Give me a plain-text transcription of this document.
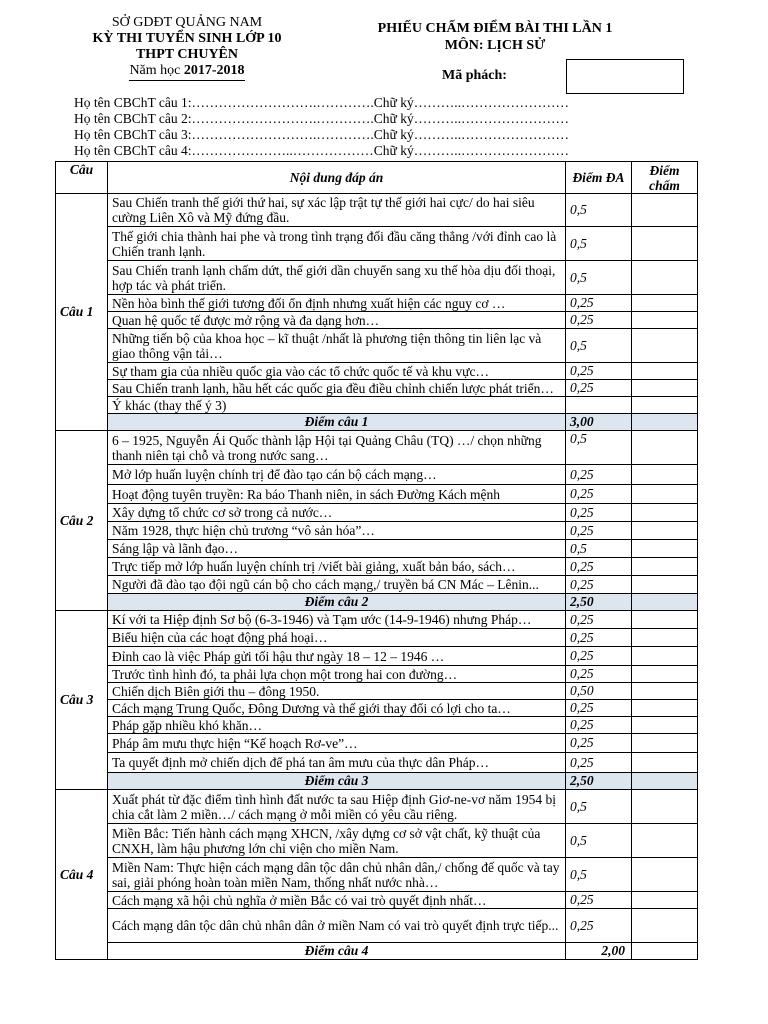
SỞ GDĐT QUẢNG NAM
KỲ THI TUYỂN SINH LỚP 10
THPT CHUYÊN
Năm học 2017-2018
PHIẾU CHẤM ĐIỂM BÀI THI LẦN 1
MÔN: LỊCH SỬ
Mã phách:
Họ tên CBChT câu 1:……………………….………….Chữ ký………..……………………
Họ tên CBChT câu 2:……………………….………….Chữ ký………..……………………
Họ tên CBChT câu 3:……………………….………….Chữ ký………..……………………
Họ tên CBChT câu 4:…………………..………………Chữ ký………..……………………
Câu	Nội dung đáp án	Điểm ĐA	Điểm chấm
Câu 1	Sau Chiến tranh thế giới thứ hai, sự xác lập trật tự thế giới hai cực/ do hai siêu cường Liên Xô và Mỹ đứng đầu.	0,5	
	Thế giới chia thành hai phe và trong tình trạng đối đầu căng thẳng /với đỉnh cao là Chiến tranh lạnh.	0,5	
	Sau Chiến tranh lạnh chấm dứt, thế giới dần chuyển sang xu thế hòa dịu đối thoại, hợp tác và phát triển.	0,5	
	Nền hòa bình thế giới tương đối ổn định nhưng xuất hiện các nguy cơ …	0,25	
	Quan hệ quốc tế được mở rộng và đa dạng hơn…	0,25	
	Những tiến bộ của khoa học – kĩ thuật /nhất là phương tiện thông tin liên lạc và giao thông vận tải…	0,5	
	Sự tham gia của nhiều quốc gia vào các tổ chức quốc tế và khu vực…	0,25	
	Sau Chiến tranh lạnh, hầu hết các quốc gia đều điều chỉnh chiến lược phát triển…	0,25	
	Ý khác (thay thế ý 3)		
	Điểm câu 1	3,00	
Câu 2	6 – 1925, Nguyễn Ái Quốc thành lập Hội tại Quảng Châu (TQ) …/ chọn những thanh niên tại chỗ và trong nước sang…	0,5	
	Mở lớp huấn luyện chính trị để đào tạo cán bộ cách mạng…	0,25	
	Hoạt động tuyên truyền: Ra báo Thanh niên, in sách Đường Kách mệnh	0,25	
	Xây dựng tổ chức cơ sở trong cả nước…	0,25	
	Năm 1928, thực hiện chủ trương “vô sản hóa”…	0,25	
	Sáng lập và lãnh đạo…	0,5	
	Trực tiếp mở lớp huấn luyện chính trị /viết bài giảng, xuất bản báo, sách…	0,25	
	Người đã đào tạo đội ngũ cán bộ cho cách mạng,/ truyền bá CN Mác – Lênin...	0,25	
	Điểm câu 2	2,50	
Câu 3	Kí với ta Hiệp định Sơ bộ (6-3-1946) và Tạm ước (14-9-1946) nhưng Pháp…	0,25	
	Biểu hiện của các hoạt động phá hoại…	0,25	
	Đỉnh cao là việc Pháp gửi tối hậu thư ngày 18 – 12 – 1946 …	0,25	
	Trước tình hình đó, ta phải lựa chọn một trong hai con đường…	0,25	
	Chiến dịch Biên giới thu – đông 1950.	0,50	
	Cách mạng Trung Quốc, Đông Dương và thế giới thay đổi có lợi cho ta…	0,25	
	Pháp gặp nhiều khó khăn…	0,25	
	Pháp âm mưu thực hiện “Kế hoạch Rơ-ve”…	0,25	
	Ta quyết định mở chiến dịch để phá tan âm mưu của thực dân Pháp…	0,25	
	Điểm câu 3	2,50	
Câu 4	Xuất phát từ đặc điểm tình hình đất nước ta sau Hiệp định Giơ-ne-vơ năm 1954 bị chia cắt làm 2 miền…/ cách mạng ở mỗi miền có yêu cầu riêng.	0,5	
	Miền Bắc: Tiến hành cách mạng XHCN, /xây dựng cơ sở vật chất, kỹ thuật của CNXH, làm hậu phương lớn chi viện cho miền Nam.	0,5	
	Miền Nam: Thực hiện cách mạng dân tộc dân chủ nhân dân,/ chống đế quốc và tay sai, giải phóng hoàn toàn miền Nam, thống nhất nước nhà…	0,5	
	Cách mạng xã hội chủ nghĩa ở miền Bắc có vai trò quyết định nhất…	0,25	
	Cách mạng dân tộc dân chủ nhân dân ở miền Nam có vai trò quyết định trực tiếp...	0,25	
	Điểm câu 4	2,00	
